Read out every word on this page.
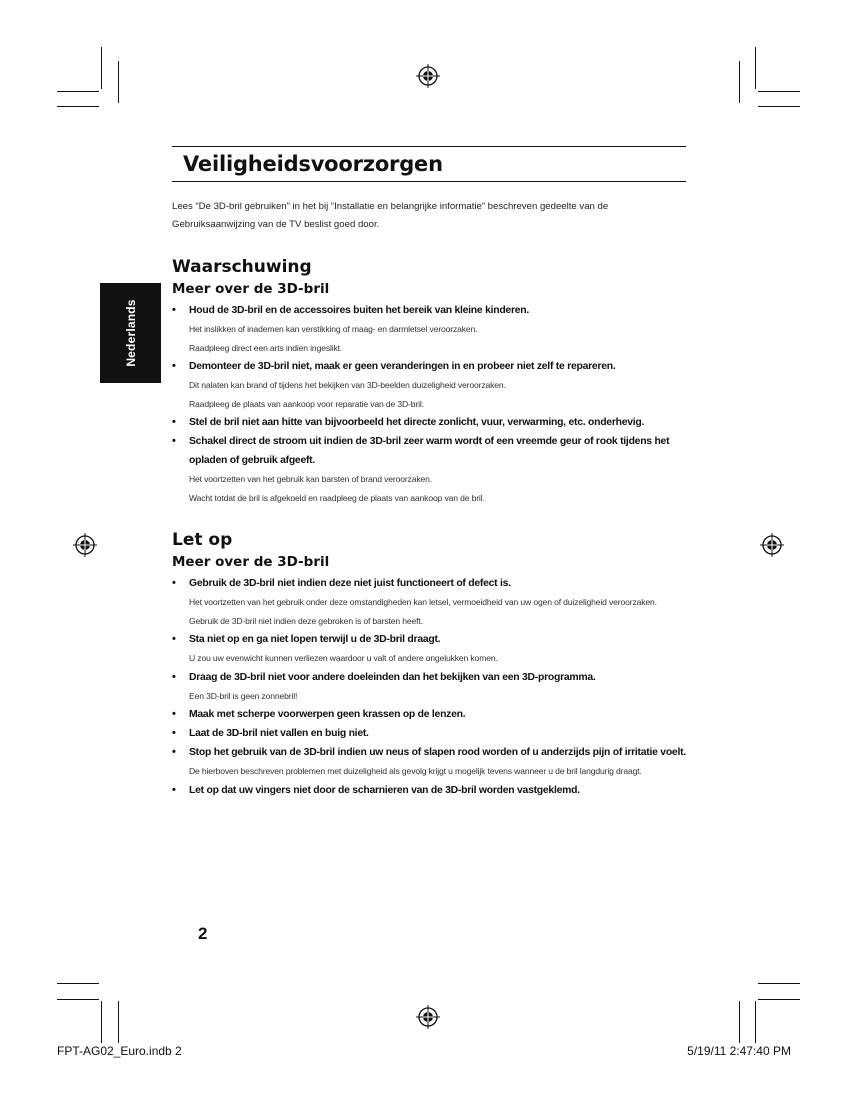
Nederlands
Veiligheidsvoorzorgen

Lees “De 3D-bril gebruiken” in het bij “Installatie en belangrijke informatie” beschreven gedeelte van de Gebruiksaanwijzing van de TV beslist goed door.

Waarschuwing
Meer over de 3D-bril
• Houd de 3D-bril en de accessoires buiten het bereik van kleine kinderen.
Het inslikken of inademen kan verstikking of maag- en darmletsel veroorzaken.
Raadpleeg direct een arts indien ingeslikt.
• Demonteer de 3D-bril niet, maak er geen veranderingen in en probeer niet zelf te repareren.
Dit nalaten kan brand of tijdens het bekijken van 3D-beelden duizeligheid veroorzaken.
Raadpleeg de plaats van aankoop voor reparatie van de 3D-bril.
• Stel de bril niet aan hitte van bijvoorbeeld het directe zonlicht, vuur, verwarming, etc. onderhevig.
• Schakel direct de stroom uit indien de 3D-bril zeer warm wordt of een vreemde geur of rook tijdens het opladen of gebruik afgeeft.
Het voortzetten van het gebruik kan barsten of brand veroorzaken.
Wacht totdat de bril is afgekoeld en raadpleeg de plaats van aankoop van de bril.
Let op
Meer over de 3D-bril
• Gebruik de 3D-bril niet indien deze niet juist functioneert of defect is.
Het voortzetten van het gebruik onder deze omstandigheden kan letsel, vermoeidheid van uw ogen of duizeligheid veroorzaken.
Gebruik de 3D-bril niet indien deze gebroken is of barsten heeft.
• Sta niet op en ga niet lopen terwijl u de 3D-bril draagt.
U zou uw evenwicht kunnen verliezen waardoor u valt of andere ongelukken komen.
• Draag de 3D-bril niet voor andere doeleinden dan het bekijken van een 3D-programma.
Een 3D-bril is geen zonnebril!
• Maak met scherpe voorwerpen geen krassen op de lenzen.
• Laat de 3D-bril niet vallen en buig niet.
• Stop het gebruik van de 3D-bril indien uw neus of slapen rood worden of u anderzijds pijn of irritatie voelt.
De hierboven beschreven problemen met duizeligheid als gevolg krijgt u mogelijk tevens wanneer u de bril langdurig draagt.
• Let op dat uw vingers niet door de scharnieren van de 3D-bril worden vastgeklemd.
2
FPT-AG02_Euro.indb 2	5/19/11 2:47:40 PM
